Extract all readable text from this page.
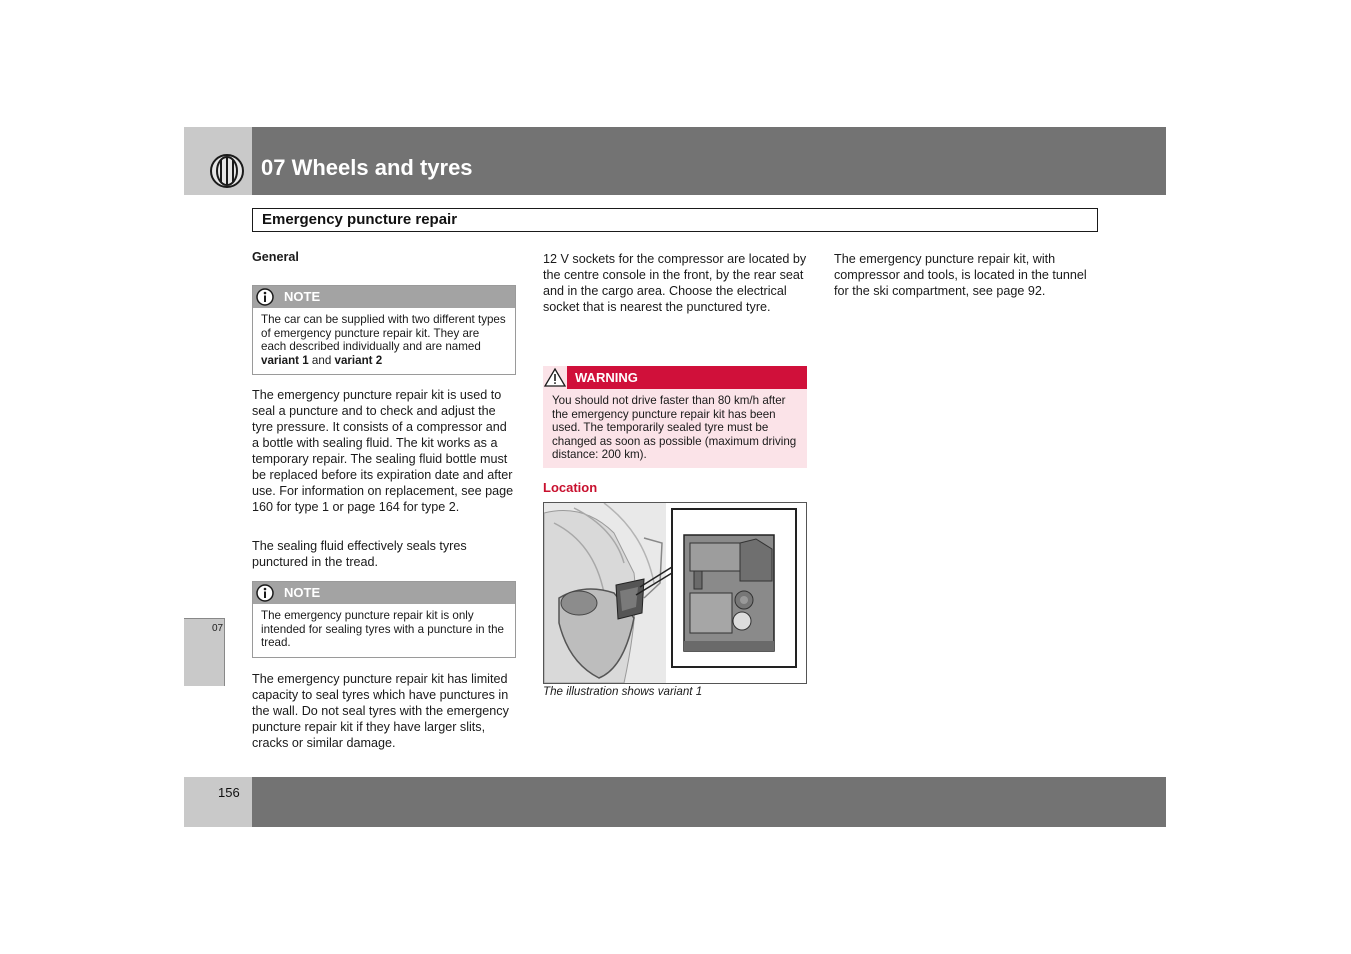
07 Wheels and tyres
Emergency puncture repair
General
NOTE
The car can be supplied with two different types of emergency puncture repair kit. They are each described individually and are named variant 1 and variant 2

The emergency puncture repair kit is used to seal a puncture and to check and adjust the tyre pressure. It consists of a compressor and a bottle with sealing fluid. The kit works as a temporary repair. The sealing fluid bottle must be replaced before its expiration date and after use. For information on replacement, see page 160 for type 1 or page 164 for type 2.

The sealing fluid effectively seals tyres punctured in the tread.

NOTE
The emergency puncture repair kit is only intended for sealing tyres with a puncture in the tread.

The emergency puncture repair kit has limited capacity to seal tyres which have punctures in the wall. Do not seal tyres with the emergency puncture repair kit if they have larger slits, cracks or similar damage.

12 V sockets for the compressor are located by the centre console in the front, by the rear seat and in the cargo area. Choose the electrical socket that is nearest the punctured tyre.

WARNING
You should not drive faster than 80 km/h after the emergency puncture repair kit has been used. The temporarily sealed tyre must be changed as soon as possible (maximum driving distance: 200 km).
Location
The illustration shows variant 1

The emergency puncture repair kit, with compressor and tools, is located in the tunnel for the ski compartment, see page 92.

07
156
